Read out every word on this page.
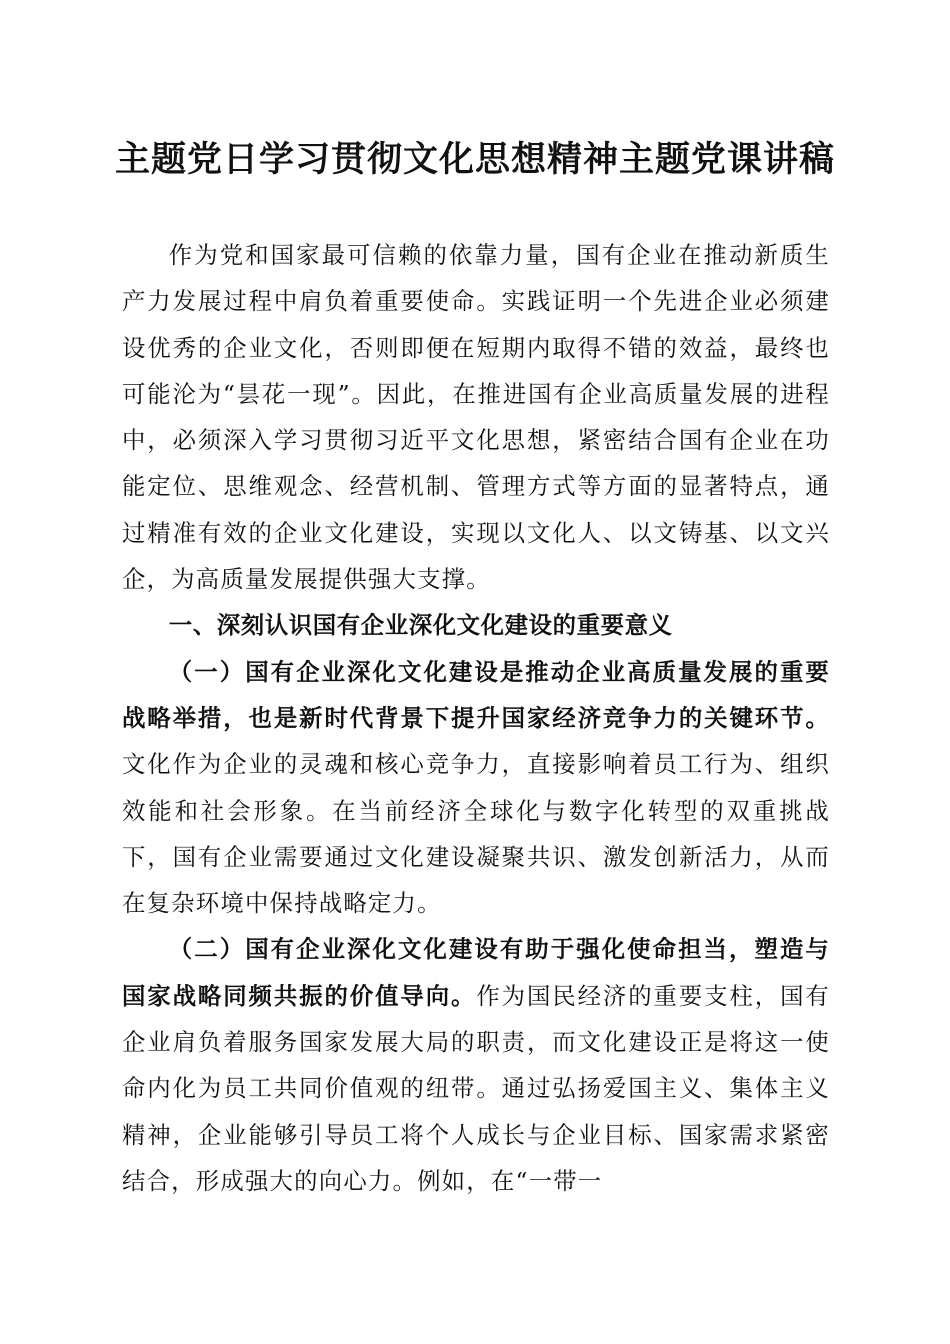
主题党日学习贯彻文化思想精神主题党课讲稿

作为党和国家最可信赖的依靠力量，国有企业在推动新质生产力发展过程中肩负着重要使命。实践证明一个先进企业必须建设优秀的企业文化，否则即便在短期内取得不错的效益，最终也可能沦为“昙花一现”。因此，在推进国有企业高质量发展的进程中，必须深入学习贯彻习近平文化思想，紧密结合国有企业在功能定位、思维观念、经营机制、管理方式等方面的显著特点，通过精准有效的企业文化建设，实现以文化人、以文铸基、以文兴企，为高质量发展提供强大支撑。

一、深刻认识国有企业深化文化建设的重要意义

（一）国有企业深化文化建设是推动企业高质量发展的重要战略举措，也是新时代背景下提升国家经济竞争力的关键环节。文化作为企业的灵魂和核心竞争力，直接影响着员工行为、组织效能和社会形象。在当前经济全球化与数字化转型的双重挑战下，国有企业需要通过文化建设凝聚共识、激发创新活力，从而在复杂环境中保持战略定力。

（二）国有企业深化文化建设有助于强化使命担当，塑造与国家战略同频共振的价值导向。作为国民经济的重要支柱，国有企业肩负着服务国家发展大局的职责，而文化建设正是将这一使命内化为员工共同价值观的纽带。通过弘扬爱国主义、集体主义精神，企业能够引导员工将个人成长与企业目标、国家需求紧密结合，形成强大的向心力。例如，在“一带一
